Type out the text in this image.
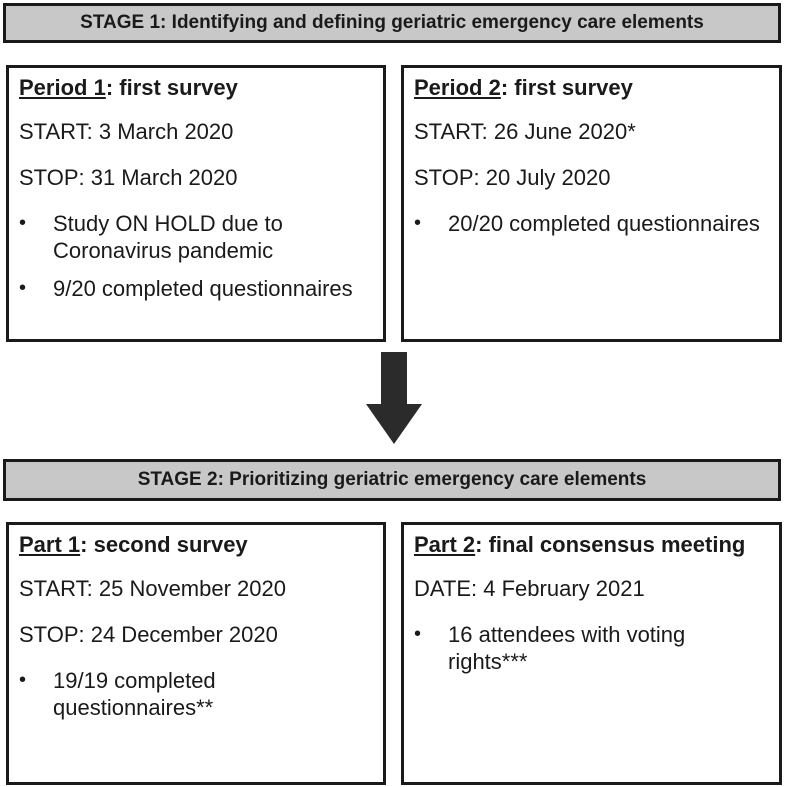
STAGE 1: Identifying and defining geriatric emergency care elements
Period 1: first survey
START: 3 March 2020
STOP: 31 March 2020
•	Study ON HOLD due to Coronavirus pandemic
•	9/20 completed questionnaires
Period 2: first survey
START: 26 June 2020*
STOP: 20 July 2020
•	20/20 completed questionnaires
STAGE 2: Prioritizing geriatric emergency care elements
Part 1: second survey
START: 25 November 2020
STOP: 24 December 2020
•	19/19 completed questionnaires**
Part 2: final consensus meeting
DATE: 4 February 2021
•	16 attendees with voting rights***
